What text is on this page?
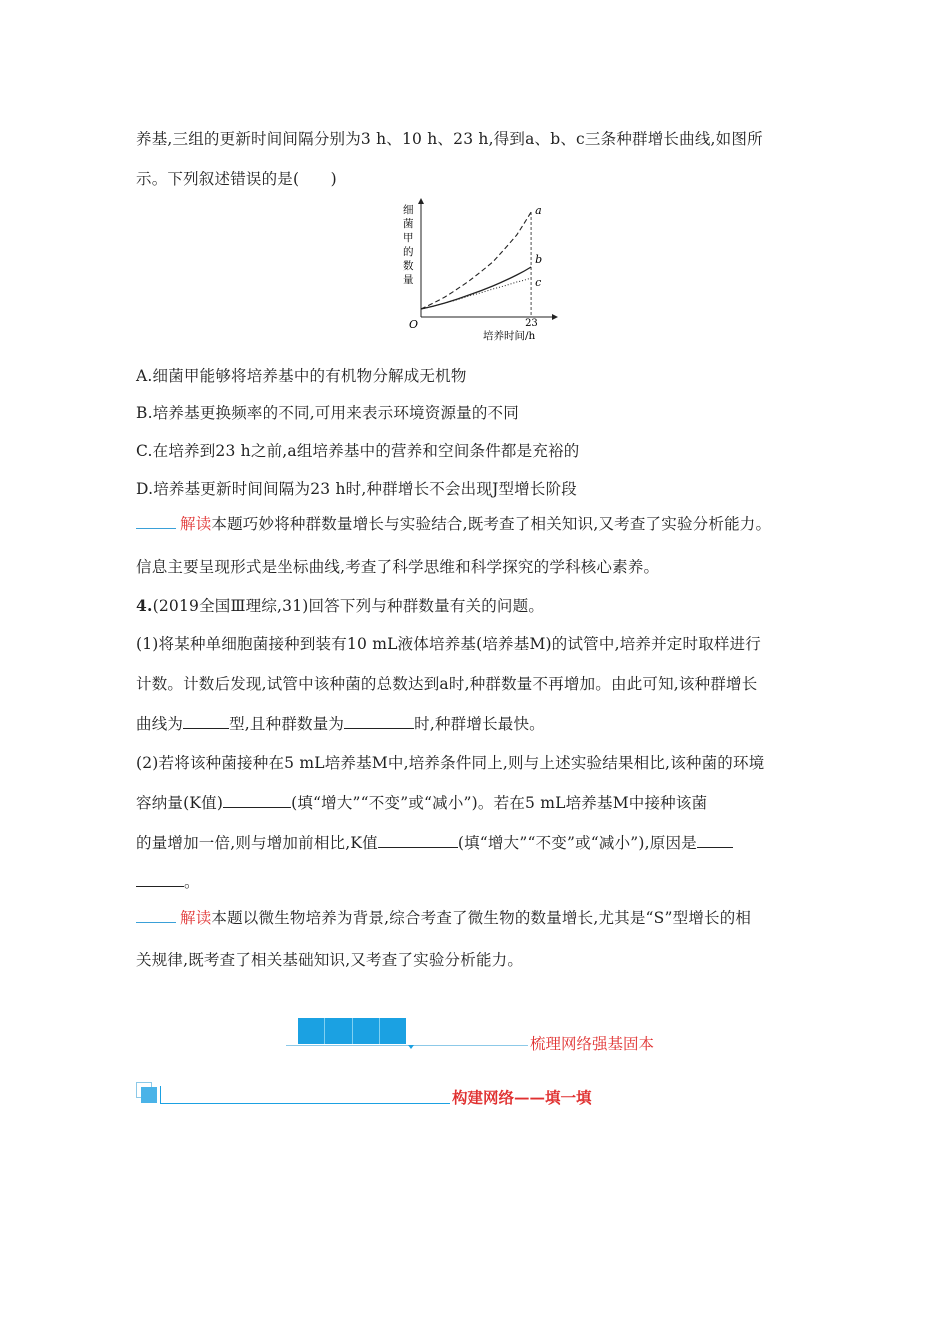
养基,三组的更新时间间隔分别为3 h、10 h、23 h,得到a、b、c三条种群增长曲线,如图所
示。下列叙述错误的是(　　)
a
b
c
O	23
培养时间/h
细菌甲的数量
A.细菌甲能够将培养基中的有机物分解成无机物
B.培养基更换频率的不同,可用来表示环境资源量的不同
C.在培养到23 h之前,a组培养基中的营养和空间条件都是充裕的
D.培养基更新时间间隔为23 h时,种群增长不会出现J型增长阶段
解读本题巧妙将种群数量增长与实验结合,既考查了相关知识,又考查了实验分析能力。
信息主要呈现形式是坐标曲线,考查了科学思维和科学探究的学科核心素养。
4.(2019全国Ⅲ理综,31)回答下列与种群数量有关的问题。
(1)将某种单细胞菌接种到装有10 mL液体培养基(培养基M)的试管中,培养并定时取样进行
计数。计数后发现,试管中该种菌的总数达到a时,种群数量不再增加。由此可知,该种群增长
曲线为	型,且种群数量为	时,种群增长最快。
(2)若将该种菌接种在5 mL培养基M中,培养条件同上,则与上述实验结果相比,该种菌的环境
容纳量(K值)	(填“增大”“不变”或“减小”)。若在5 mL培养基M中接种该菌
的量增加一倍,则与增加前相比,K值	(填“增大”“不变”或“减小”),原因是
。
解读本题以微生物培养为背景,综合考查了微生物的数量增长,尤其是“S”型增长的相
关规律,既考查了相关基础知识,又考查了实验分析能力。
梳理网络强基固本
构建网络——填一填
